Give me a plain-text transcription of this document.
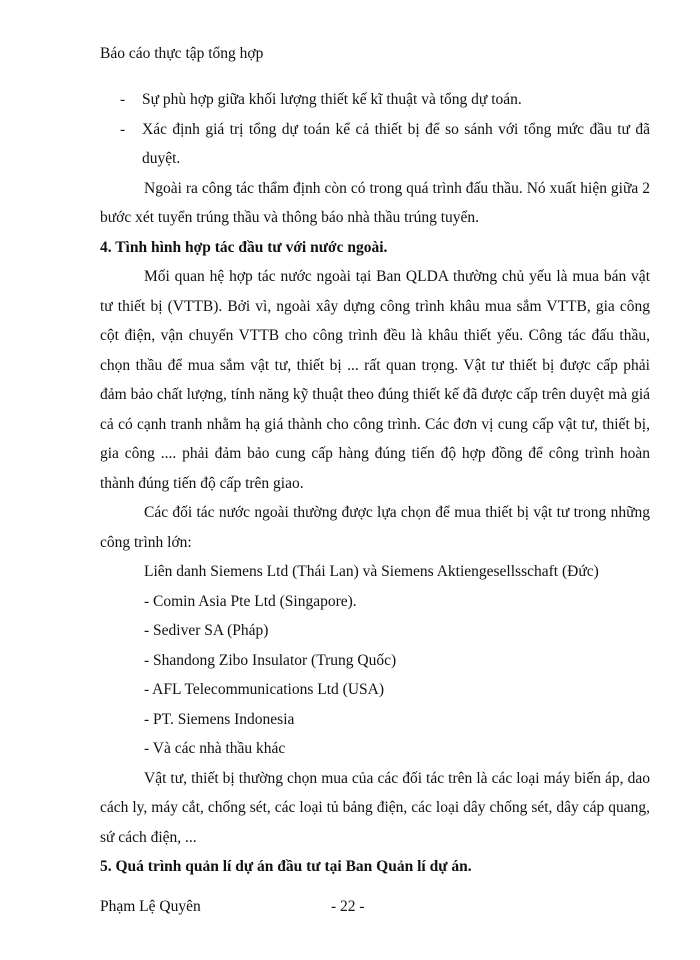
Báo cáo thực tập tổng hợp
- Sự phù hợp giữa khối lượng thiết kế kĩ thuật và tổng dự toán.
- Xác định giá trị tổng dự toán kể cả thiết bị để so sánh với tổng mức đầu tư đã duyệt.
Ngoài ra công tác thẩm định còn có trong quá trình đấu thầu. Nó xuất hiện giữa 2 bước xét tuyển trúng thầu và thông báo nhà thầu trúng tuyển.
4. Tình hình hợp tác đầu tư với nước ngoài.
Mối quan hệ hợp tác nước ngoài tại Ban QLDA thường chủ yếu là mua bán vật tư thiết bị (VTTB). Bởi vì, ngoài xây dựng công trình khâu mua sắm VTTB, gia công cột điện, vận chuyển VTTB cho công trình đều là khâu thiết yếu. Công tác đấu thầu, chọn thầu để mua sắm vật tư, thiết bị ... rất quan trọng. Vật tư thiết bị được cấp phải đảm bảo chất lượng, tính năng kỹ thuật theo đúng thiết kế đã được cấp trên duyệt mà giá cả có cạnh tranh nhằm hạ giá thành cho công trình. Các đơn vị cung cấp vật tư, thiết bị, gia công .... phải đảm bảo cung cấp hàng đúng tiến độ hợp đồng để công trình hoàn thành đúng tiến độ cấp trên giao.
Các đối tác nước ngoài thường được lựa chọn để mua thiết bị vật tư trong những công trình lớn:
Liên danh Siemens Ltd (Thái Lan) và Siemens Aktiengesellsschaft (Đức)
- Comin Asia Pte Ltd (Singapore).
- Sediver SA (Pháp)
- Shandong Zibo Insulator (Trung Quốc)
- AFL Telecommunications Ltd (USA)
- PT. Siemens Indonesia
- Và các nhà thầu khác
Vật tư, thiết bị thường chọn mua của các đối tác trên là các loại máy biến áp, dao cách ly, máy cắt, chống sét, các loại tủ bảng điện, các loại dây chống sét, dây cáp quang, sứ cách điện, ...
5. Quá trình quản lí dự án đầu tư tại Ban Quản lí dự án.
Phạm Lệ Quyên	- 22 -
